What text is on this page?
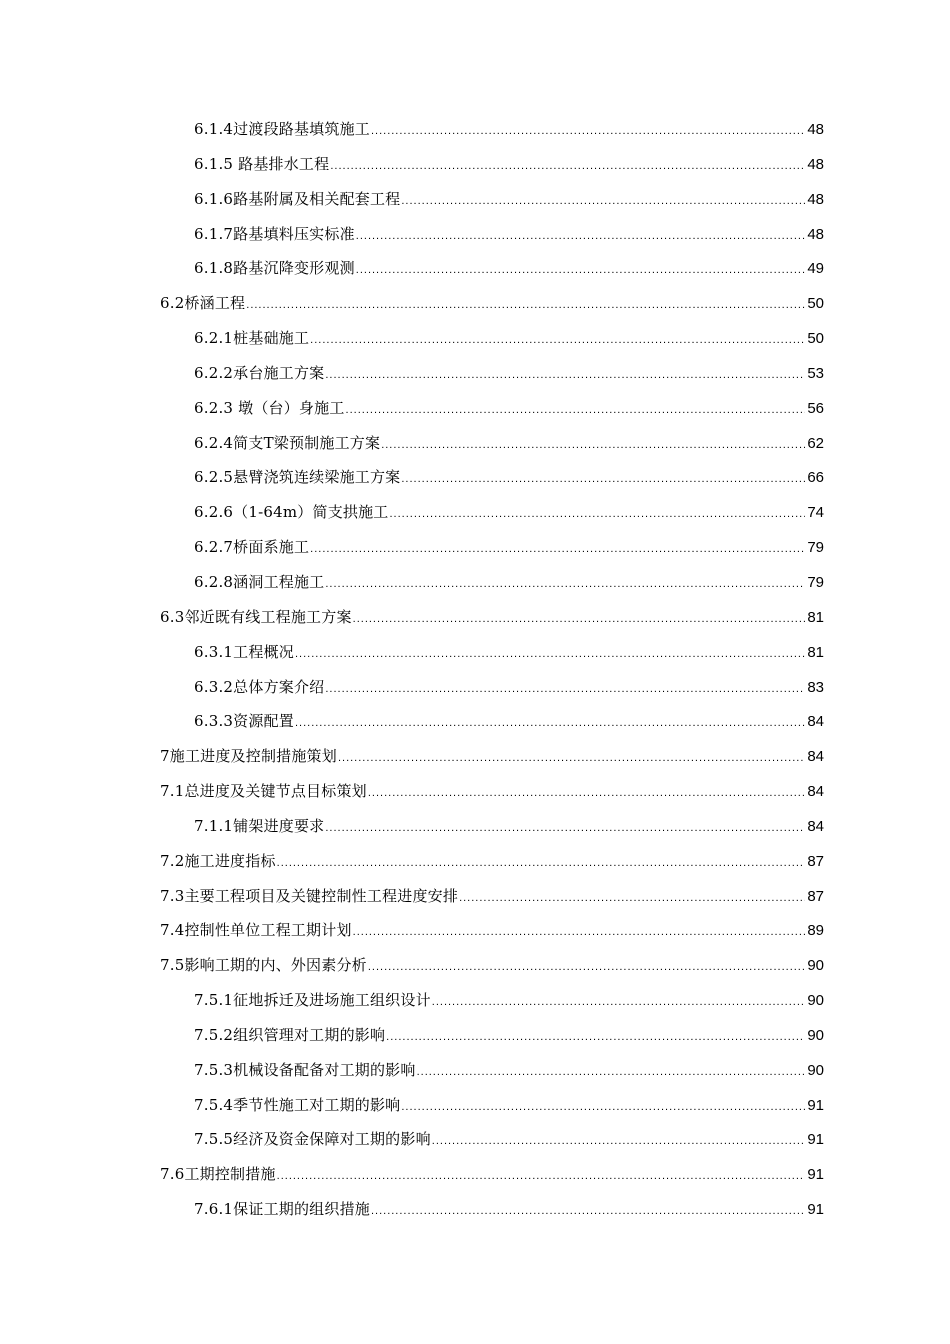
6.1.4过渡段路基填筑施工 .....	48
6.1.5 路基排水工程 .....	48
6.1.6路基附属及相关配套工程 .....	48
6.1.7路基填料压实标准 .....	48
6.1.8路基沉降变形观测 .....	49
6.2桥涵工程 .....	50
6.2.1桩基础施工 .....	50
6.2.2承台施工方案 .....	53
6.2.3 墩（台）身施工 .....	56
6.2.4简支T梁预制施工方案 .....	62
6.2.5悬臂浇筑连续梁施工方案 .....	66
6.2.6（1-64m）简支拱施工 .....	74
6.2.7桥面系施工 .....	79
6.2.8涵洞工程施工 .....	79
6.3邻近既有线工程施工方案 .....	81
6.3.1工程概况 .....	81
6.3.2总体方案介绍 .....	83
6.3.3资源配置 .....	84
7施工进度及控制措施策划 .....	84
7.1总进度及关键节点目标策划 .....	84
7.1.1铺架进度要求 .....	84
7.2施工进度指标 .....	87
7.3主要工程项目及关键控制性工程进度安排 .....	87
7.4控制性单位工程工期计划 .....	89
7.5影响工期的内、外因素分析 .....	90
7.5.1征地拆迁及进场施工组织设计 .....	90
7.5.2组织管理对工期的影响 .....	90
7.5.3机械设备配备对工期的影响 .....	90
7.5.4季节性施工对工期的影响 .....	91
7.5.5经济及资金保障对工期的影响 .....	91
7.6工期控制措施 .....	91
7.6.1保证工期的组织措施 .....	91
